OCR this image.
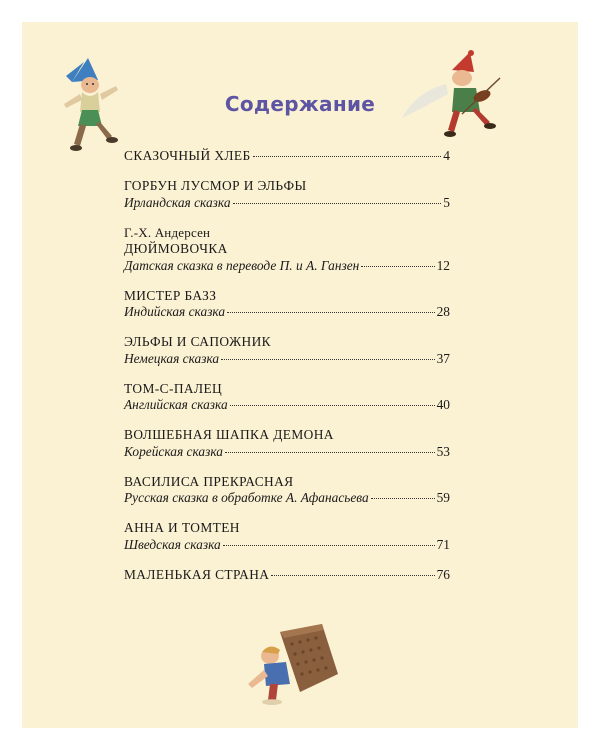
Содержание
СКАЗОЧНЫЙ ХЛЕБ	4
ГОРБУН ЛУСМОР И ЭЛЬФЫ
Ирландская сказка	5
Г.-Х. Андерсен
ДЮЙМОВОЧКА
Датская сказка в переводе П. и А. Ганзен	12
МИСТЕР БАЗЗ
Индийская сказка	28
ЭЛЬФЫ И САПОЖНИК
Немецкая сказка	37
ТОМ-С-ПАЛЕЦ
Английская сказка	40
ВОЛШЕБНАЯ ШАПКА ДЕМОНА
Корейская сказка	53
ВАСИЛИСА ПРЕКРАСНАЯ
Русская сказка в обработке А. Афанасьева	59
АННА И ТОМТЕН
Шведская сказка	71
МАЛЕНЬКАЯ СТРАНА	76
